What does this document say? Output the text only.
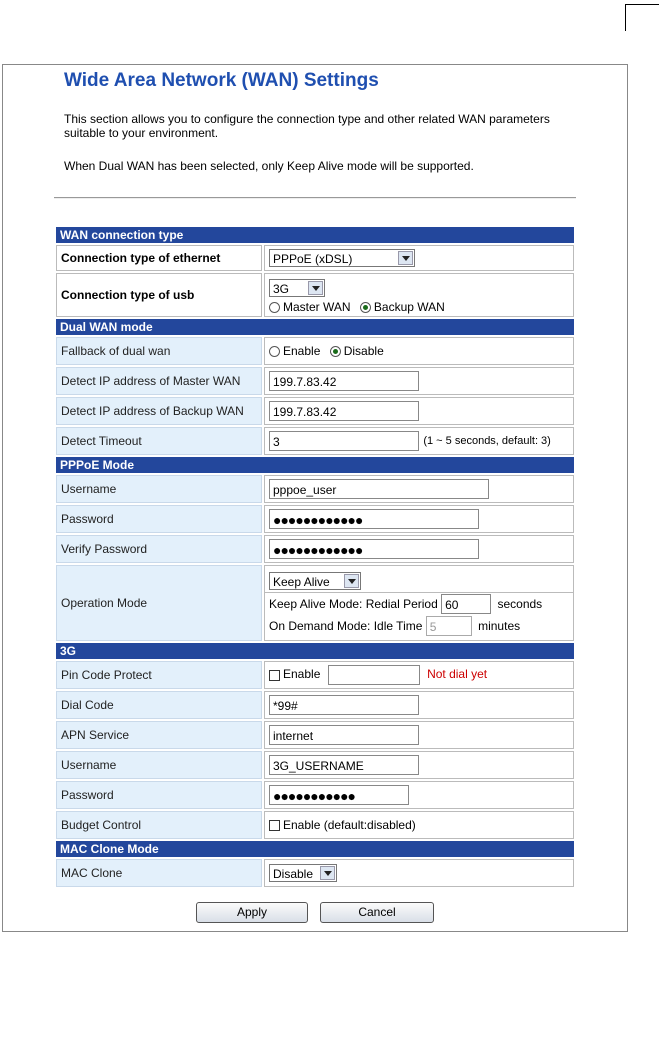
Wide Area Network (WAN) Settings
This section allows you to configure the connection type and other related WAN parameters
suitable to your environment.
When Dual WAN has been selected, only Keep Alive mode will be supported.
WAN connection type	
Connection type of ethernet	PPPoE (xDSL)

Connection type of usb	3G
Master WAN Backup WAN

Dual WAN mode	
Fallback of dual wan	Enable Disable
Detect IP address of Master WAN	199.7.83.42
Detect IP address of Backup WAN	199.7.83.42
Detect Timeout	3 (1 ~ 5 seconds, default: 3)
PPPoE Mode	
Username	pppoe_user
Password	●●●●●●●●●●●●
Verify Password	●●●●●●●●●●●●
Operation Mode	Keep Alive
Keep Alive Mode: Redial Period 60 seconds
On Demand Mode: Idle Time 5 minutes

3G	
Pin Code Protect	Enable Not dial yet
Dial Code	*99#
APN Service	internet
Username	3G_USERNAME
Password	●●●●●●●●●●●
Budget Control	Enable (default:disabled)
MAC Clone Mode	
MAC Clone	Disable
Apply	Cancel
